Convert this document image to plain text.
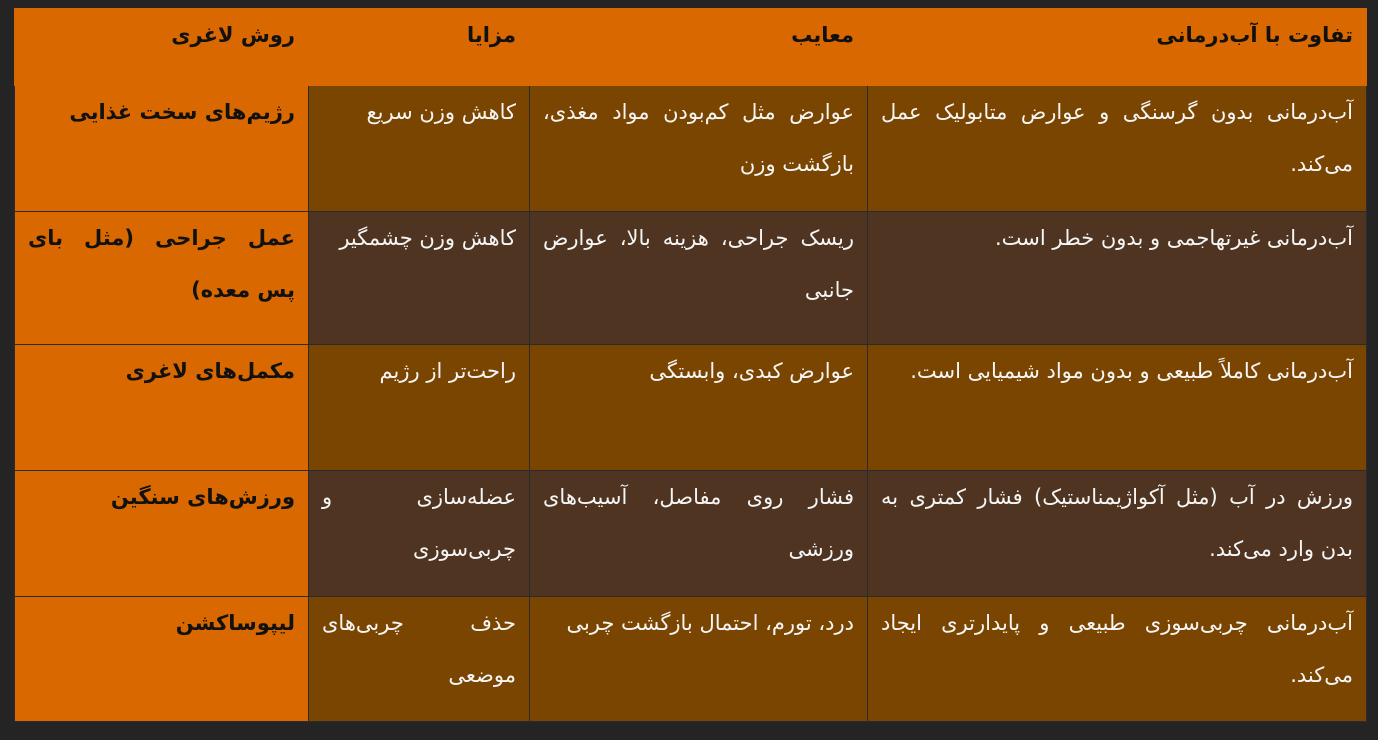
تفاوت با آب‌درمانی	معایب	مزایا	روش لاغری
آب‌درمانی بدون گرسنگی و عوارض متابولیک عمل می‌کند.	عوارض مثل کم‌بودن مواد مغذی، بازگشت وزن	کاهش وزن سریع	رژیم‌های سخت غذایی
آب‌درمانی غیرتهاجمی و بدون خطر است.	ریسک جراحی، هزینه بالا، عوارض جانبی	کاهش وزن چشمگیر	عمل جراحی (مثل بای پس معده)
آب‌درمانی کاملاً طبیعی و بدون مواد شیمیایی است.	عوارض کبدی، وابستگی	راحت‌تر از رژیم	مکمل‌های لاغری
ورزش در آب (مثل آکواژیمناستیک) فشار کمتری به بدن وارد می‌کند.	فشار روی مفاصل، آسیب‌های ورزشی	عضله‌سازی و چربی‌سوزی	ورزش‌های سنگین
آب‌درمانی چربی‌سوزی طبیعی و پایدارتری ایجاد می‌کند.	درد، تورم، احتمال بازگشت چربی	حذف چربی‌های موضعی	لیپوساکشن
